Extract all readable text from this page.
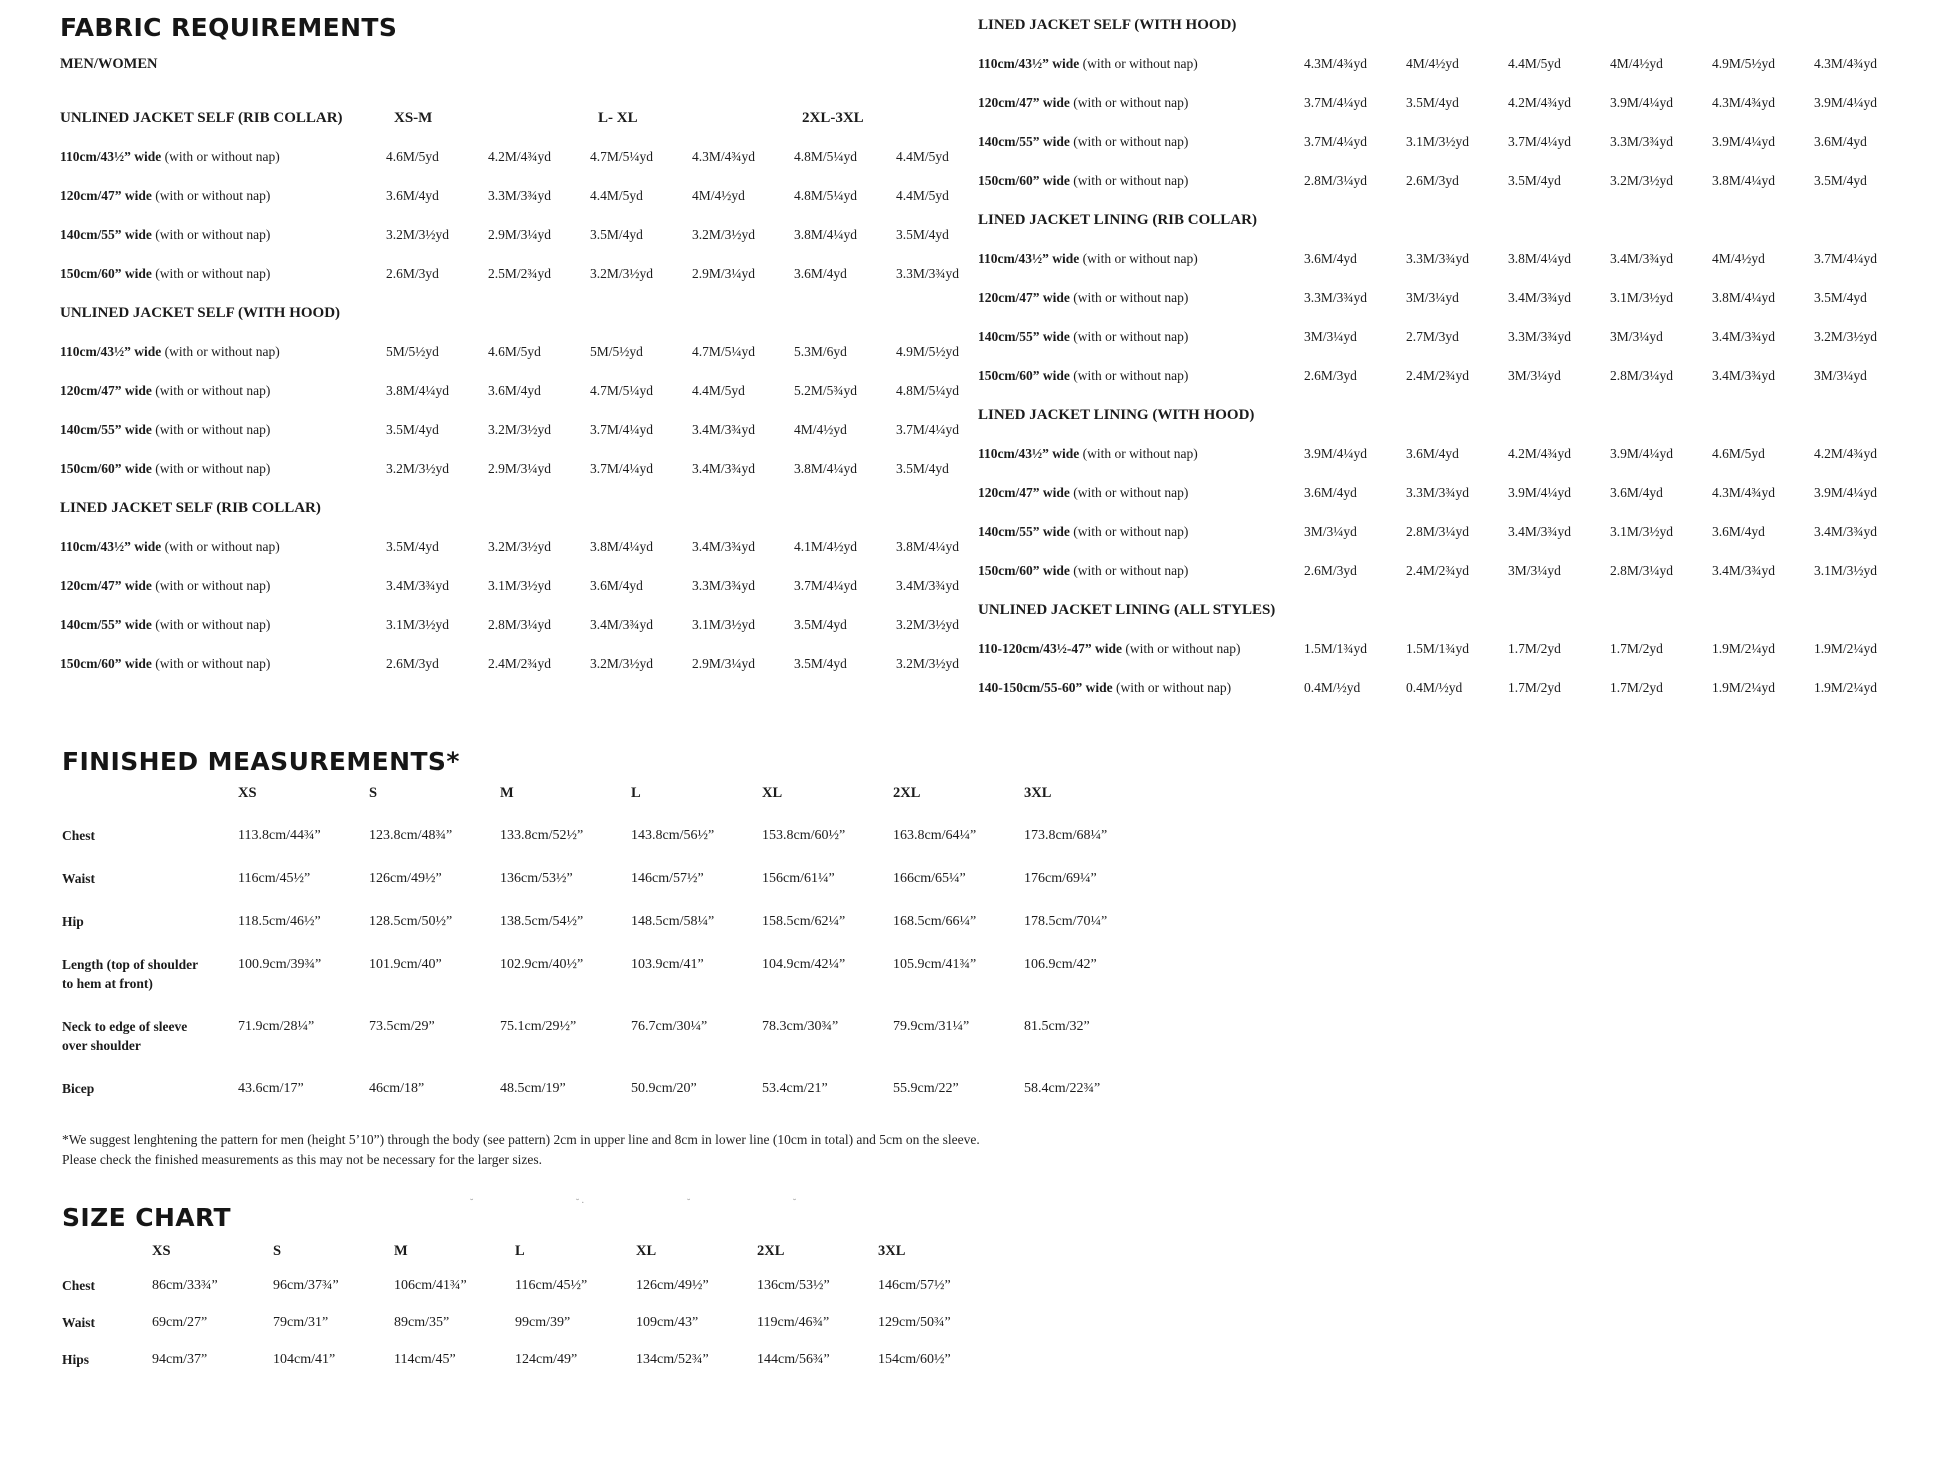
FABRIC REQUIREMENTS
MEN/WOMEN
UNLINED JACKET SELF (RIB COLLAR)	XS-M	L- XL	2XL-3XL
110cm/43½” wide (with or without nap)	4.6M/5yd	4.2M/4¾yd	4.7M/5¼yd	4.3M/4¾yd	4.8M/5¼yd	4.4M/5yd
120cm/47” wide (with or without nap)	3.6M/4yd	3.3M/3¾yd	4.4M/5yd	4M/4½yd	4.8M/5¼yd	4.4M/5yd
140cm/55” wide (with or without nap)	3.2M/3½yd	2.9M/3¼yd	3.5M/4yd	3.2M/3½yd	3.8M/4¼yd	3.5M/4yd
150cm/60” wide (with or without nap)	2.6M/3yd	2.5M/2¾yd	3.2M/3½yd	2.9M/3¼yd	3.6M/4yd	3.3M/3¾yd
UNLINED JACKET SELF (WITH HOOD)
110cm/43½” wide (with or without nap)	5M/5½yd	4.6M/5yd	5M/5½yd	4.7M/5¼yd	5.3M/6yd	4.9M/5½yd
120cm/47” wide (with or without nap)	3.8M/4¼yd	3.6M/4yd	4.7M/5¼yd	4.4M/5yd	5.2M/5¾yd	4.8M/5¼yd
140cm/55” wide (with or without nap)	3.5M/4yd	3.2M/3½yd	3.7M/4¼yd	3.4M/3¾yd	4M/4½yd	3.7M/4¼yd
150cm/60” wide (with or without nap)	3.2M/3½yd	2.9M/3¼yd	3.7M/4¼yd	3.4M/3¾yd	3.8M/4¼yd	3.5M/4yd
LINED JACKET SELF (RIB COLLAR)
110cm/43½” wide (with or without nap)	3.5M/4yd	3.2M/3½yd	3.8M/4¼yd	3.4M/3¾yd	4.1M/4½yd	3.8M/4¼yd
120cm/47” wide (with or without nap)	3.4M/3¾yd	3.1M/3½yd	3.6M/4yd	3.3M/3¾yd	3.7M/4¼yd	3.4M/3¾yd
140cm/55” wide (with or without nap)	3.1M/3½yd	2.8M/3¼yd	3.4M/3¾yd	3.1M/3½yd	3.5M/4yd	3.2M/3½yd
150cm/60” wide (with or without nap)	2.6M/3yd	2.4M/2¾yd	3.2M/3½yd	2.9M/3¼yd	3.5M/4yd	3.2M/3½yd
LINED JACKET SELF (WITH HOOD)
110cm/43½” wide (with or without nap)	4.3M/4¾yd	4M/4½yd	4.4M/5yd	4M/4½yd	4.9M/5½yd	4.3M/4¾yd
120cm/47” wide (with or without nap)	3.7M/4¼yd	3.5M/4yd	4.2M/4¾yd	3.9M/4¼yd	4.3M/4¾yd	3.9M/4¼yd
140cm/55” wide (with or without nap)	3.7M/4¼yd	3.1M/3½yd	3.7M/4¼yd	3.3M/3¾yd	3.9M/4¼yd	3.6M/4yd
150cm/60” wide (with or without nap)	2.8M/3¼yd	2.6M/3yd	3.5M/4yd	3.2M/3½yd	3.8M/4¼yd	3.5M/4yd
LINED JACKET LINING (RIB COLLAR)
110cm/43½” wide (with or without nap)	3.6M/4yd	3.3M/3¾yd	3.8M/4¼yd	3.4M/3¾yd	4M/4½yd	3.7M/4¼yd
120cm/47” wide (with or without nap)	3.3M/3¾yd	3M/3¼yd	3.4M/3¾yd	3.1M/3½yd	3.8M/4¼yd	3.5M/4yd
140cm/55” wide (with or without nap)	3M/3¼yd	2.7M/3yd	3.3M/3¾yd	3M/3¼yd	3.4M/3¾yd	3.2M/3½yd
150cm/60” wide (with or without nap)	2.6M/3yd	2.4M/2¾yd	3M/3¼yd	2.8M/3¼yd	3.4M/3¾yd	3M/3¼yd
LINED JACKET LINING (WITH HOOD)
110cm/43½” wide (with or without nap)	3.9M/4¼yd	3.6M/4yd	4.2M/4¾yd	3.9M/4¼yd	4.6M/5yd	4.2M/4¾yd
120cm/47” wide (with or without nap)	3.6M/4yd	3.3M/3¾yd	3.9M/4¼yd	3.6M/4yd	4.3M/4¾yd	3.9M/4¼yd
140cm/55” wide (with or without nap)	3M/3¼yd	2.8M/3¼yd	3.4M/3¾yd	3.1M/3½yd	3.6M/4yd	3.4M/3¾yd
150cm/60” wide (with or without nap)	2.6M/3yd	2.4M/2¾yd	3M/3¼yd	2.8M/3¼yd	3.4M/3¾yd	3.1M/3½yd
UNLINED JACKET LINING (ALL STYLES)
110-120cm/43½-47” wide (with or without nap)	1.5M/1¾yd	1.5M/1¾yd	1.7M/2yd	1.7M/2yd	1.9M/2¼yd	1.9M/2¼yd
140-150cm/55-60” wide (with or without nap)	0.4M/½yd	0.4M/½yd	1.7M/2yd	1.7M/2yd	1.9M/2¼yd	1.9M/2¼yd
FINISHED MEASUREMENTS*
XS	S	M	L	XL	2XL	3XL
Chest	113.8cm/44¾”	123.8cm/48¾”	133.8cm/52½”	143.8cm/56½”	153.8cm/60½”	163.8cm/64¼”	173.8cm/68¼”
Waist	116cm/45½”	126cm/49½”	136cm/53½”	146cm/57½”	156cm/61¼”	166cm/65¼”	176cm/69¼”
Hip	118.5cm/46½”	128.5cm/50½”	138.5cm/54½”	148.5cm/58¼”	158.5cm/62¼”	168.5cm/66¼”	178.5cm/70¼”
Length (top of shoulder
to hem at front)
100.9cm/39¾”	101.9cm/40”	102.9cm/40½”	103.9cm/41”	104.9cm/42¼”	105.9cm/41¾”	106.9cm/42”
Neck to edge of sleeve
over shoulder
71.9cm/28¼”	73.5cm/29”	75.1cm/29½”	76.7cm/30¼”	78.3cm/30¾”	79.9cm/31¼”	81.5cm/32”
Bicep	43.6cm/17”	46cm/18”	48.5cm/19”	50.9cm/20”	53.4cm/21”	55.9cm/22”	58.4cm/22¾”
*We suggest lenghtening the pattern for men (height 5’10”) through the body (see pattern) 2cm in upper line and 8cm in lower line (10cm in total) and 5cm on the sleeve.
Please check the finished measurements as this may not be necessary for the larger sizes.
˘ ˘· ˘ ˘
SIZE CHART
XS	S	M	L	XL	2XL	3XL
Chest	86cm/33¾”	96cm/37¾”	106cm/41¾”	116cm/45½”	126cm/49½”	136cm/53½”	146cm/57½”
Waist	69cm/27”	79cm/31”	89cm/35”	99cm/39”	109cm/43”	119cm/46¾”	129cm/50¾”
Hips	94cm/37”	104cm/41”	114cm/45”	124cm/49”	134cm/52¾”	144cm/56¾”	154cm/60½”
